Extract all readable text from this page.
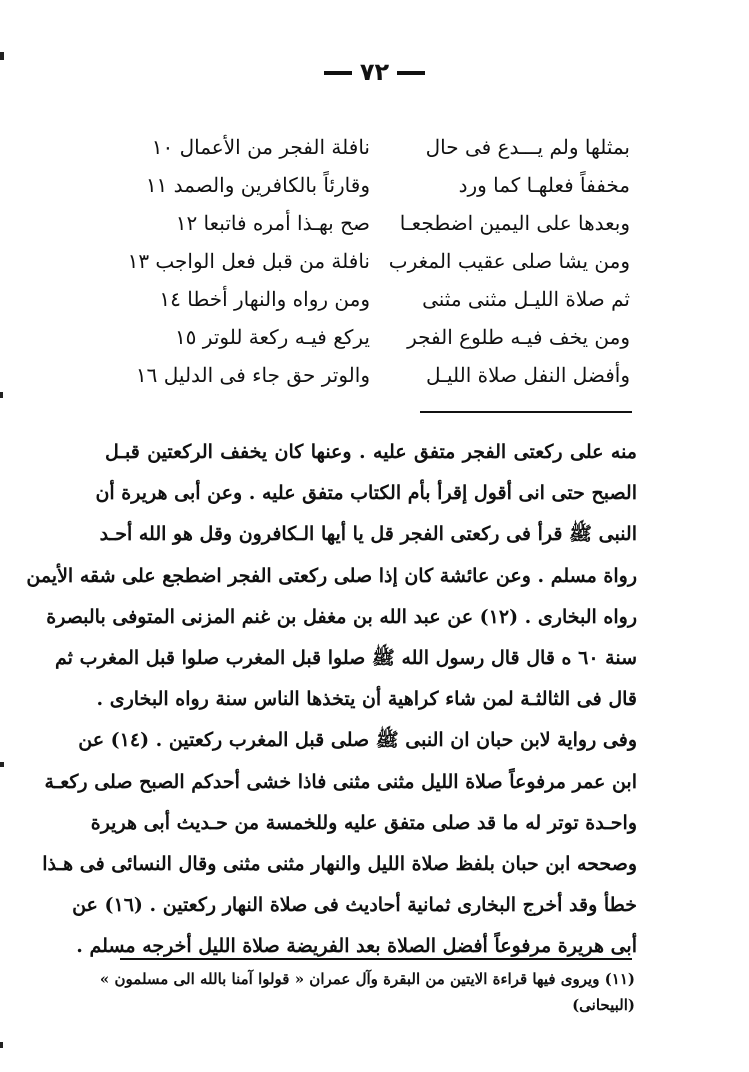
٧٢
بمثلها ولم يـــدع فى حال
نافلة الفجر من الأعمال ١٠
مخففاً فعلهـا كما ورد
وقارئاً بالكافرين والصمد ١١
وبعدها على اليمين اضطجعـا
صح بهـذا أمره فاتبعا ١٢
ومن يشا صلى عقيب المغرب
نافلة من قبل فعل الواجب ١٣
ثم صلاة الليـل مثنى مثنى
ومن رواه والنهار أخطا ١٤
ومن يخف فيـه طلوع الفجر
يركع فيـه ركعة للوتر ١٥
وأفضل النفل صلاة الليـل
والوتر حق جاء فى الدليل ١٦
منه على ركعتى الفجر متفق عليه . وعنها كان يخفف الركعتين قبـل
الصبح حتى انى أقول إقرأ بأم الكتاب متفق عليه . وعن أبى هريرة أن
النبى ﷺ قرأ فى ركعتى الفجر قل يا أيها الـكافرون وقل هو الله أحـد
رواة مسلم . وعن عائشة كان إذا صلى ركعتى الفجر اضطجع على شقه الأيمن
رواه البخارى . (١٢) عن عبد الله بن مغفل بن غنم المزنى المتوفى بالبصرة
سنة ٦٠ ه قال قال رسول الله ﷺ صلوا قبل المغرب صلوا قبل المغرب ثم
قال فى الثالثـة لمن شاء كراهية أن يتخذها الناس سنة رواه البخارى .
وفى رواية لابن حبان ان النبى ﷺ صلى قبل المغرب ركعتين . (١٤) عن
ابن عمر مرفوعاً صلاة الليل مثنى مثنى فاذا خشى أحدكم الصبح صلى ركعـة
واحـدة توتر له ما قد صلى متفق عليه وللخمسة من حـديث أبى هريرة
وصححه ابن حبان بلفظ صلاة الليل والنهار مثنى مثنى وقال النسائى فى هـذا
خطأ وقد أخرج البخارى ثمانية أحاديث فى صلاة النهار ركعتين . (١٦) عن
أبى هريرة مرفوعاً أفضل الصلاة بعد الفريضة صلاة الليل أخرجه مسلم .
(١١) ويروى فيها قراءة الايتين من البقرة وآل عمران « قولوا آمنا بالله الى مسلمون »
(البيحانى)
